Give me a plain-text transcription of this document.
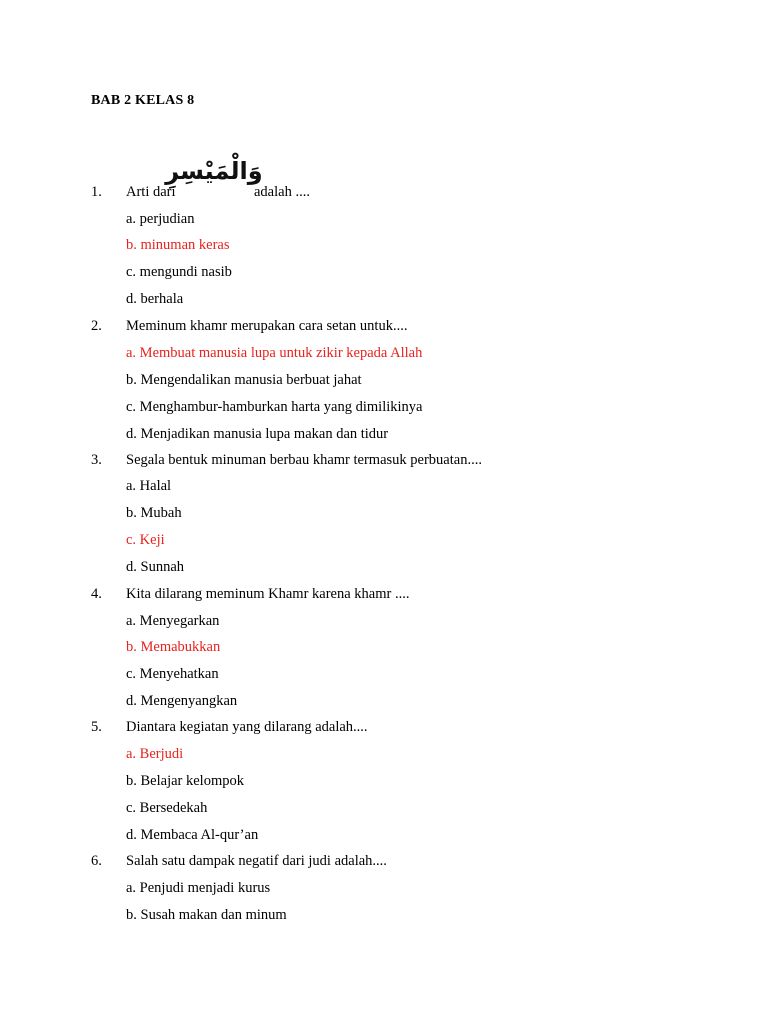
BAB 2 KELAS 8
1. Arti dari
وَالْمَيْسِرِ
adalah ....
a. perjudian
b. minuman keras
c. mengundi nasib
d. berhala
2. Meminum khamr merupakan cara setan untuk....
a. Membuat manusia lupa untuk zikir kepada Allah
b. Mengendalikan manusia berbuat jahat
c. Menghambur-hamburkan harta yang dimilikinya
d. Menjadikan manusia lupa makan dan tidur
3. Segala bentuk minuman berbau khamr termasuk perbuatan....
a. Halal
b. Mubah
c. Keji
d. Sunnah
4. Kita dilarang meminum Khamr karena khamr ....
a. Menyegarkan
b. Memabukkan
c. Menyehatkan
d. Mengenyangkan
5. Diantara kegiatan yang dilarang adalah....
a. Berjudi
b. Belajar kelompok
c. Bersedekah
d. Membaca Al-qur’an
6. Salah satu dampak negatif dari judi adalah....
a. Penjudi menjadi kurus
b. Susah makan dan minum
